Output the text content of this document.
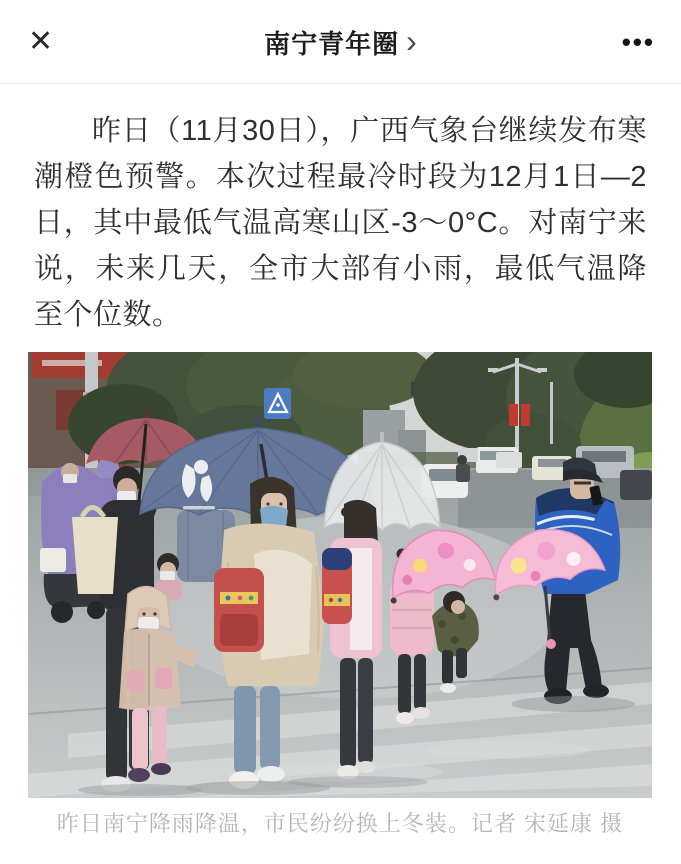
✕	南宁青年圈 ›	•••

昨日（11月30日），广西气象台继续发布寒潮橙色预警。本次过程最冷时段为12月1日—2日，其中最低气温高寒山区-3～0°C。对南宁来说，未来几天，全市大部有小雨，最低气温降至个位数。

昨日南宁降雨降温，市民纷纷换上冬装。记者 宋延康 摄
